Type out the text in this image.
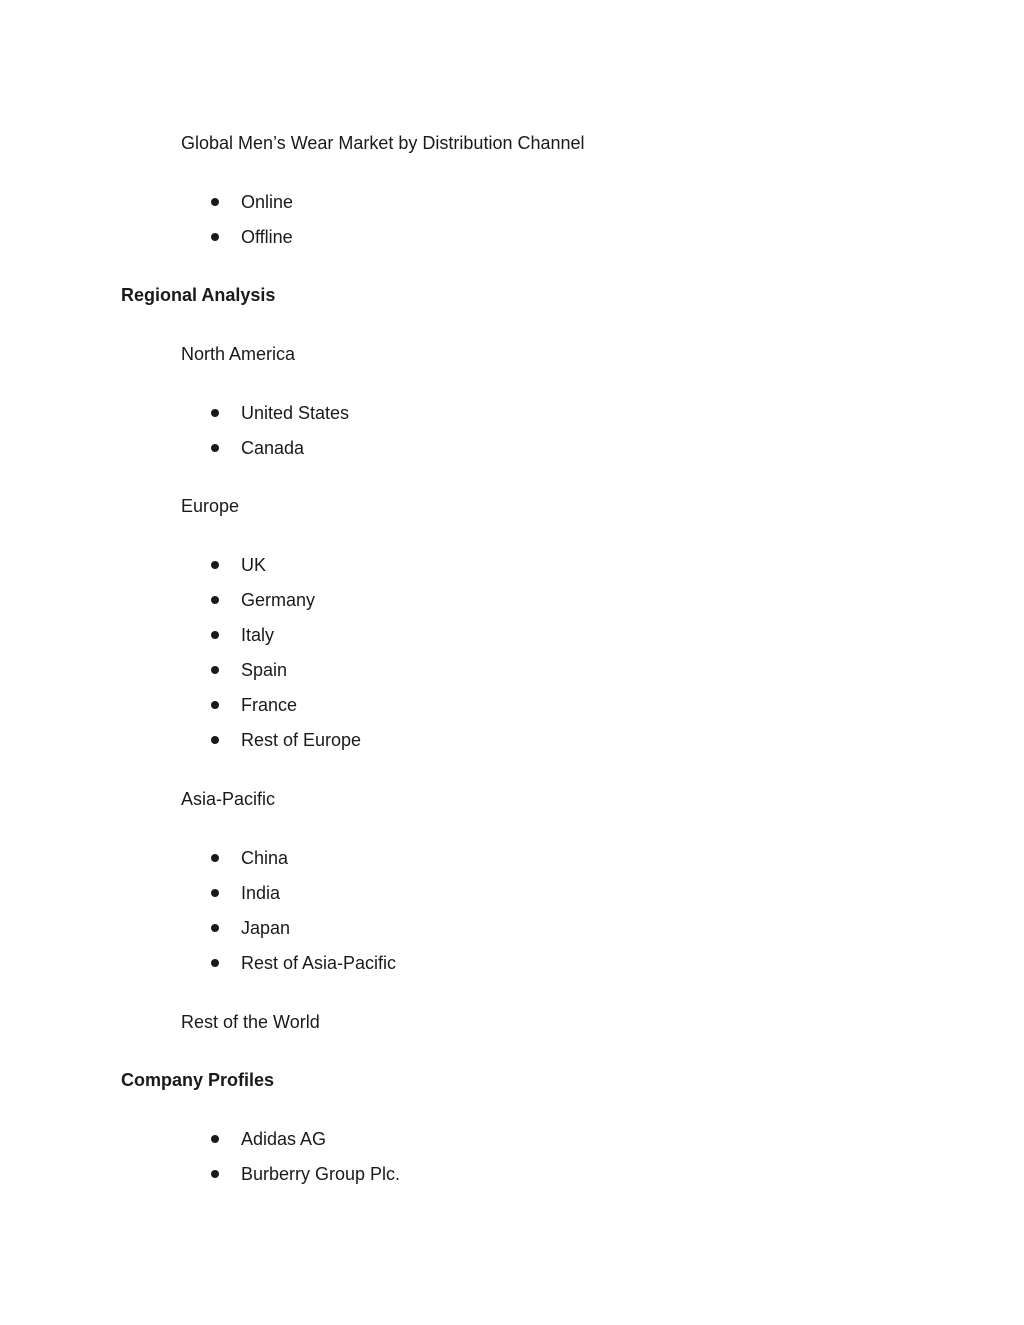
Global Men’s Wear Market by Distribution Channel
Online
Offline
Regional Analysis
North America
United States
Canada
Europe
UK
Germany
Italy
Spain
France
Rest of Europe
Asia-Pacific
China
India
Japan
Rest of Asia-Pacific
Rest of the World
Company Profiles
Adidas AG
Burberry Group Plc.
